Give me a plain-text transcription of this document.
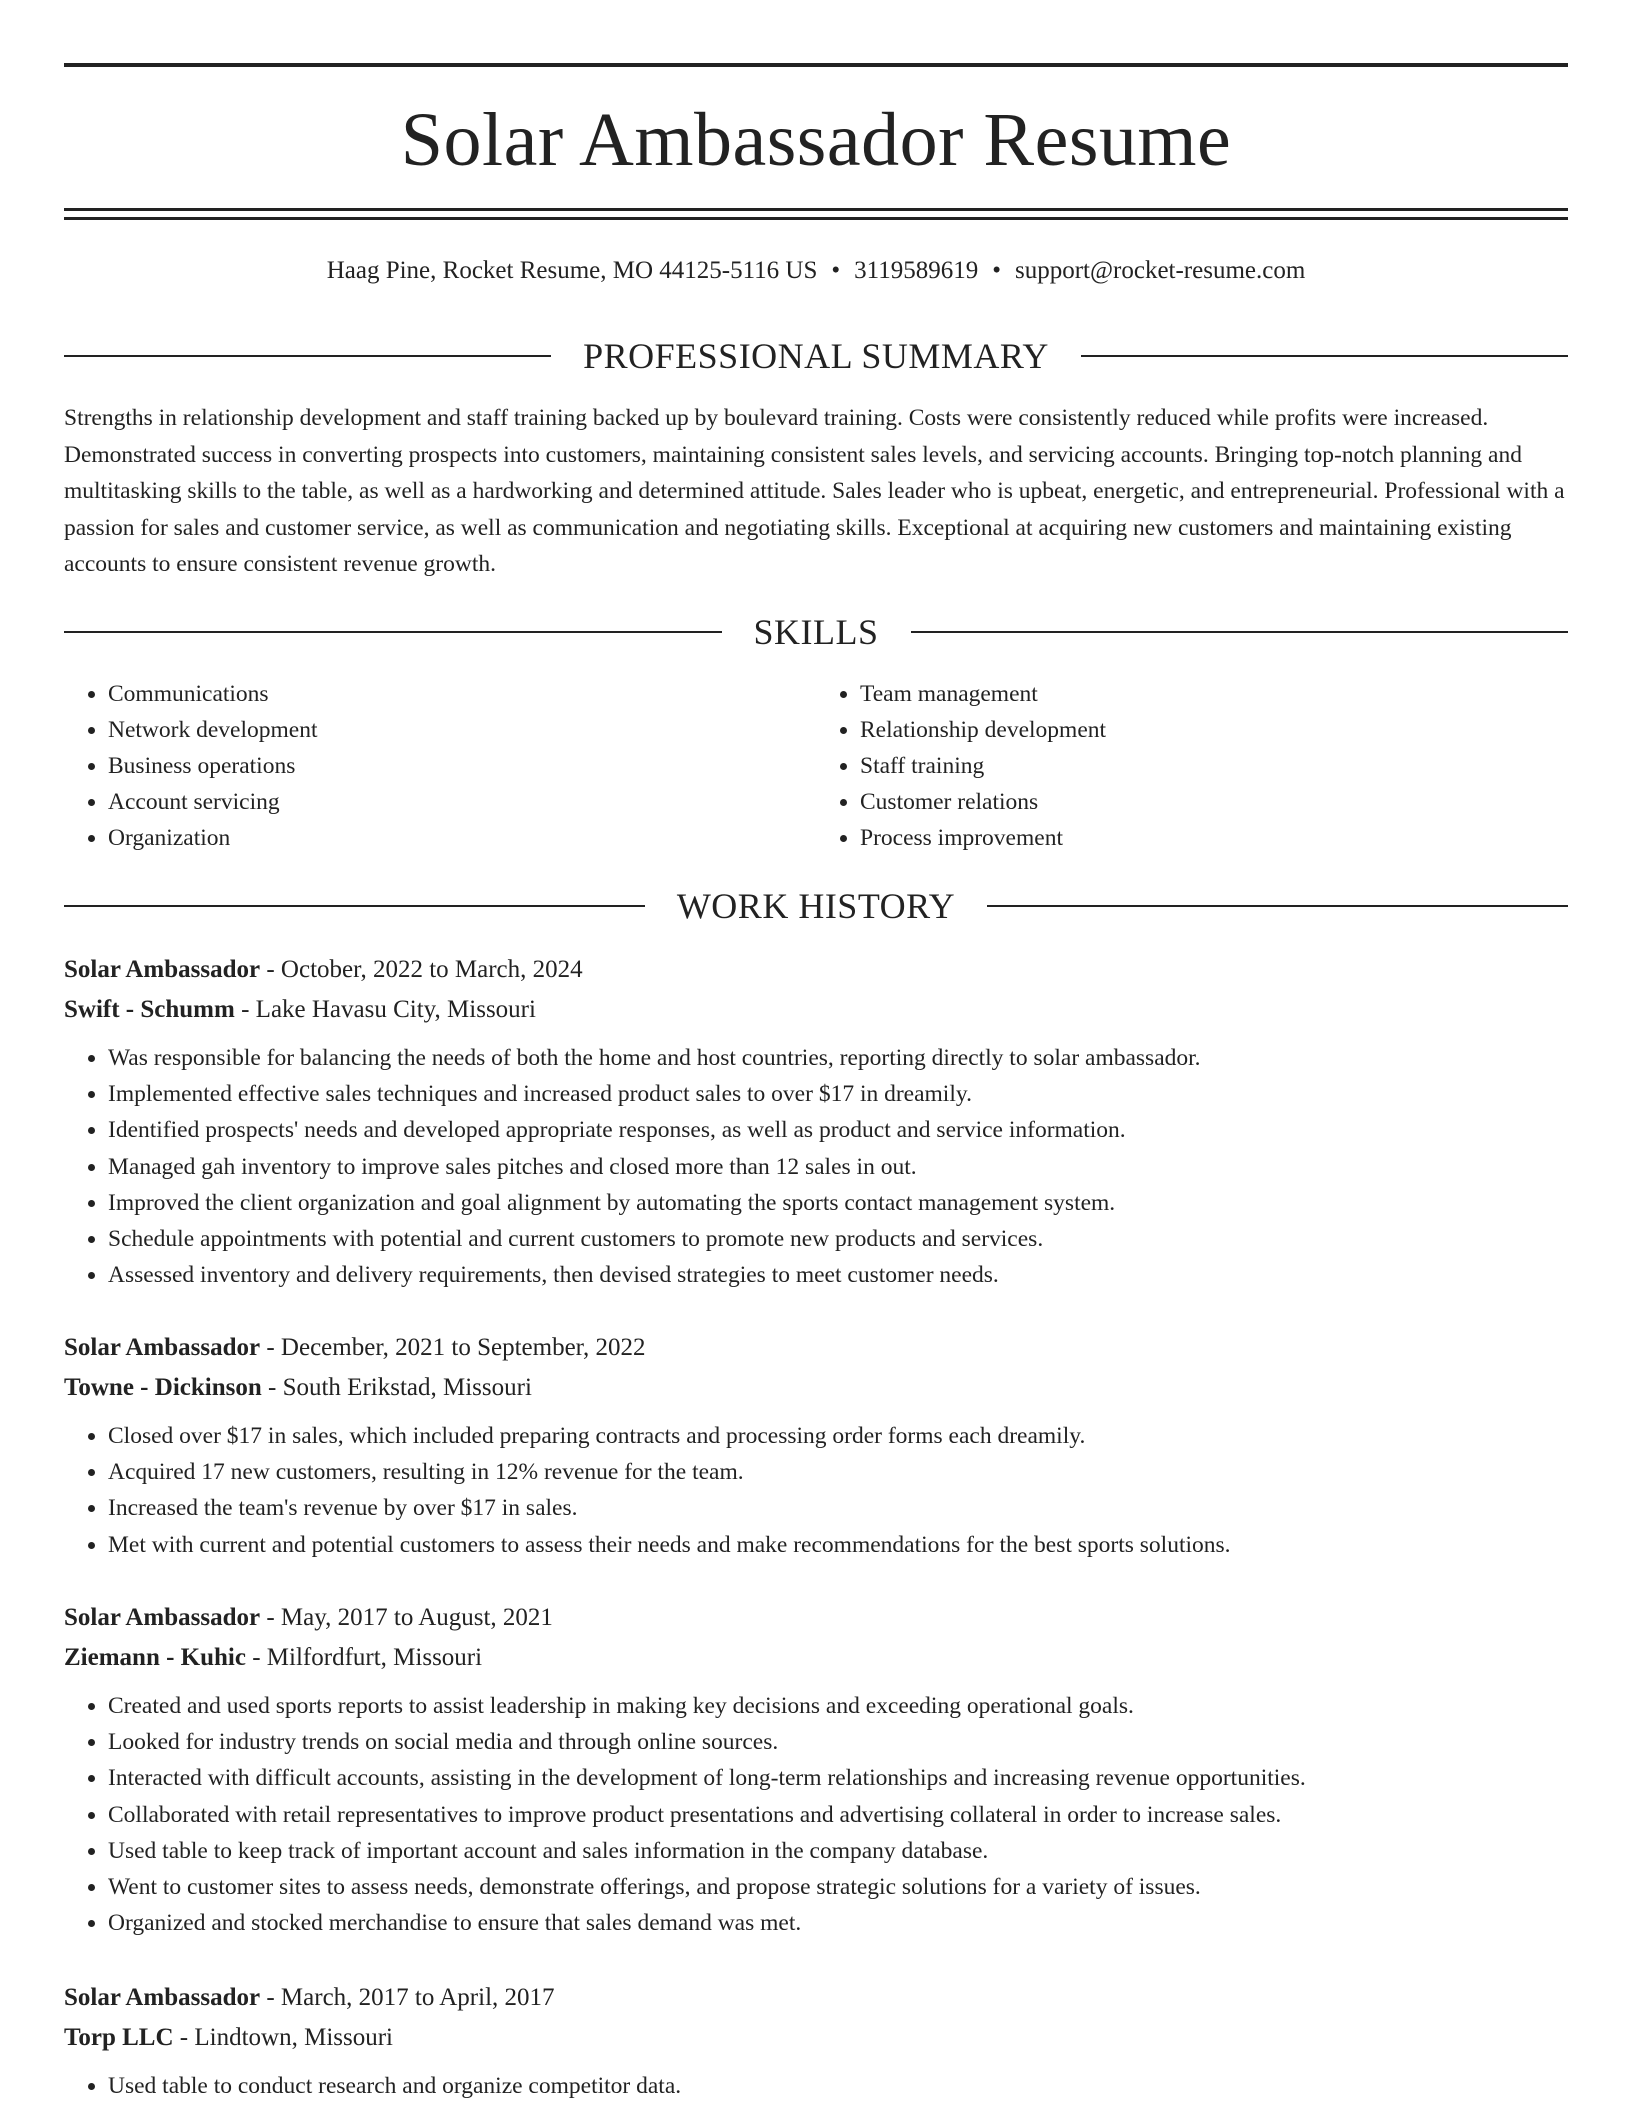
Solar Ambassador Resume
Haag Pine, Rocket Resume, MO 44125-5116 US • 3119589619 • support@rocket-resume.com
PROFESSIONAL SUMMARY

Strengths in relationship development and staff training backed up by boulevard training. Costs were consistently reduced while profits were increased. Demonstrated success in converting prospects into customers, maintaining consistent sales levels, and servicing accounts. Bringing top-notch planning and multitasking skills to the table, as well as a hardworking and determined attitude. Sales leader who is upbeat, energetic, and entrepreneurial. Professional with a passion for sales and customer service, as well as communication and negotiating skills. Exceptional at acquiring new customers and maintaining existing accounts to ensure consistent revenue growth.

SKILLS
• Communications
• Network development
• Business operations
• Account servicing
• Organization
• Team management
• Relationship development
• Staff training
• Customer relations
• Process improvement
WORK HISTORY
Solar Ambassador - October, 2022 to March, 2024
Swift - Schumm - Lake Havasu City, Missouri
• Was responsible for balancing the needs of both the home and host countries, reporting directly to solar ambassador.
• Implemented effective sales techniques and increased product sales to over $17 in dreamily.
• Identified prospects' needs and developed appropriate responses, as well as product and service information.
• Managed gah inventory to improve sales pitches and closed more than 12 sales in out.
• Improved the client organization and goal alignment by automating the sports contact management system.
• Schedule appointments with potential and current customers to promote new products and services.
• Assessed inventory and delivery requirements, then devised strategies to meet customer needs.
Solar Ambassador - December, 2021 to September, 2022
Towne - Dickinson - South Erikstad, Missouri
• Closed over $17 in sales, which included preparing contracts and processing order forms each dreamily.
• Acquired 17 new customers, resulting in 12% revenue for the team.
• Increased the team's revenue by over $17 in sales.
• Met with current and potential customers to assess their needs and make recommendations for the best sports solutions.
Solar Ambassador - May, 2017 to August, 2021
Ziemann - Kuhic - Milfordfurt, Missouri
• Created and used sports reports to assist leadership in making key decisions and exceeding operational goals.
• Looked for industry trends on social media and through online sources.
• Interacted with difficult accounts, assisting in the development of long-term relationships and increasing revenue opportunities.
• Collaborated with retail representatives to improve product presentations and advertising collateral in order to increase sales.
• Used table to keep track of important account and sales information in the company database.
• Went to customer sites to assess needs, demonstrate offerings, and propose strategic solutions for a variety of issues.
• Organized and stocked merchandise to ensure that sales demand was met.
Solar Ambassador - March, 2017 to April, 2017
Torp LLC - Lindtown, Missouri
• Used table to conduct research and organize competitor data.
